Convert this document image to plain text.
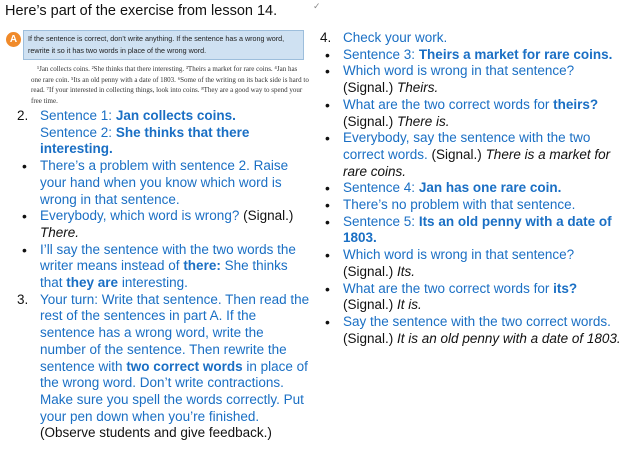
Here’s part of the exercise from lesson 14.	✓
A	If the sentence is correct, don’t write anything. If the sentence has a wrong word, rewrite it so it has two words in place of the wrong word.
¹Jan collects coins. ²She thinks that there interesting. ³Theirs a market for rare coins. ⁴Jan has one rare coin. ⁵Its an old penny with a date of 1803. ⁶Some of the writing on its back side is hard to read. ⁷If your interested in collecting things, look into coins. ⁸They are a good way to spend your free time.
2. Sentence 1: Jan collects coins.
Sentence 2: She thinks that there interesting.
• There’s a problem with sentence 2. Raise your hand when you know which word is wrong in that sentence.
• Everybody, which word is wrong? (Signal.)
There.
• I’ll say the sentence with the two words the writer means instead of there: She thinks that they are interesting.
3. Your turn: Write that sentence. Then read the rest of the sentences in part A. If the sentence has a wrong word, write the number of the sentence. Then rewrite the sentence with two correct words in place of the wrong word. Don’t write contractions. Make sure you spell the words correctly. Put your pen down when you’re finished.
(Observe students and give feedback.)
4. Check your work.
• Sentence 3: Theirs a market for rare coins.
• Which word is wrong in that sentence?
(Signal.) Theirs.
• What are the two correct words for theirs?
(Signal.) There is.
• Everybody, say the sentence with the two correct words. (Signal.) There is a market for rare coins.
• Sentence 4: Jan has one rare coin.
• There’s no problem with that sentence.
• Sentence 5: Its an old penny with a date of 1803.
• Which word is wrong in that sentence?
(Signal.) Its.
• What are the two correct words for its?
(Signal.) It is.
• Say the sentence with the two correct words. (Signal.) It is an old penny with a date of 1803.
